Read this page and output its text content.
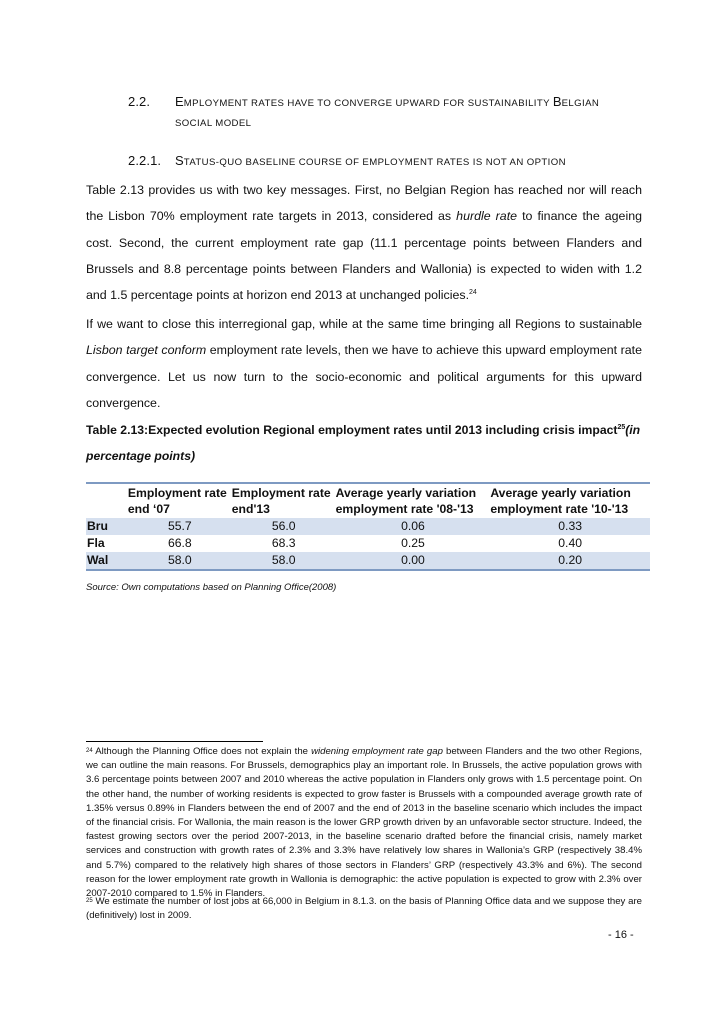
2.2. EMPLOYMENT RATES HAVE TO CONVERGE UPWARD FOR SUSTAINABILITY BELGIAN
SOCIAL MODEL
2.2.1. STATUS-QUO BASELINE COURSE OF EMPLOYMENT RATES IS NOT AN OPTION

Table 2.13 provides us with two key messages. First, no Belgian Region has reached nor will reach the Lisbon 70% employment rate targets in 2013, considered as hurdle rate to finance the ageing cost. Second, the current employment rate gap (11.1 percentage points between Flanders and Brussels and 8.8 percentage points between Flanders and Wallonia) is expected to widen with 1.2 and 1.5 percentage points at horizon end 2013 at unchanged policies.$^{24}$

If we want to close this interregional gap, while at the same time bringing all Regions to sustainable Lisbon target conform employment rate levels, then we have to achieve this upward employment rate convergence. Let us now turn to the socio-economic and political arguments for this upward convergence.

Table 2.13:Expected evolution Regional employment rates until 2013 including crisis impact$^{25}$(in percentage points)

	Employment rate end ‘07	Employment rate end'13	Average yearly variation employment rate '08-'13	Average yearly variation employment rate '10-'13
Bru	55.7	56.0	0.06	0.33
Fla	66.8	68.3	0.25	0.40
Wal	58.0	58.0	0.00	0.20
Source: Own computations based on Planning Office(2008)

$^{24}$ Although the Planning Office does not explain the widening employment rate gap between Flanders and the two other Regions, we can outline the main reasons. For Brussels, demographics play an important role. In Brussels, the active population grows with 3.6 percentage points between 2007 and 2010 whereas the active population in Flanders only grows with 1.5 percentage point. On the other hand, the number of working residents is expected to grow faster is Brussels with a compounded average growth rate of 1.35% versus 0.89% in Flanders between the end of 2007 and the end of 2013 in the baseline scenario which includes the impact of the financial crisis. For Wallonia, the main reason is the lower GRP growth driven by an unfavorable sector structure. Indeed, the fastest growing sectors over the period 2007-2013, in the baseline scenario drafted before the financial crisis, namely market services and construction with growth rates of 2.3% and 3.3% have relatively low shares in Wallonia’s GRP (respectively 38.4% and 5.7%) compared to the relatively high shares of those sectors in Flanders’ GRP (respectively 43.3% and 6%). The second reason for the lower employment rate growth in Wallonia is demographic: the active population is expected to grow with 2.3% over 2007-2010 compared to 1.5% in Flanders.

$^{25}$ We estimate the number of lost jobs at 66,000 in Belgium in 8.1.3. on the basis of Planning Office data and we suppose they are (definitively) lost in 2009.

- 16 -
